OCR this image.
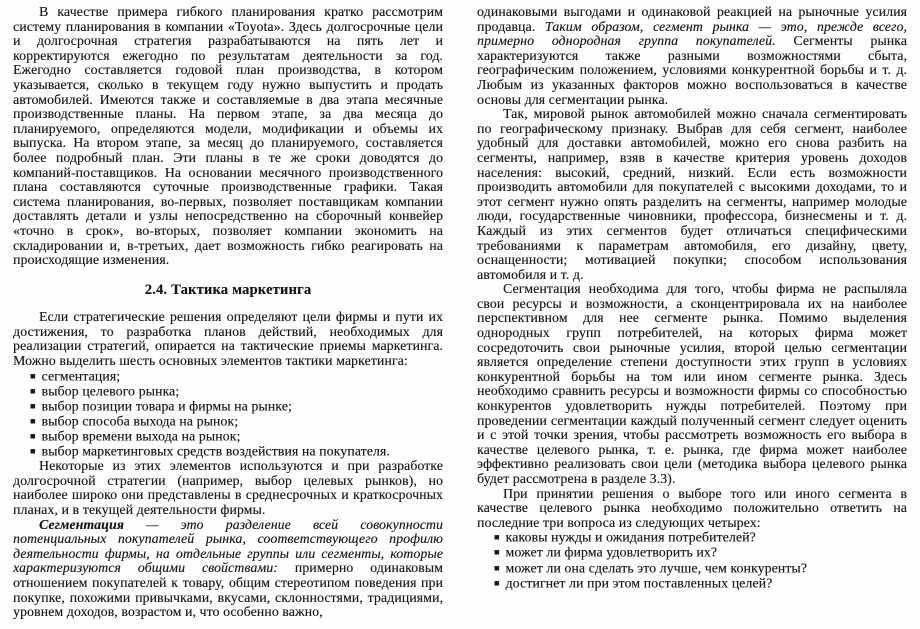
В качестве примера гибкого планирования кратко рассмотрим систему планирования в компании «Toyota». Здесь долгосрочные цели и долгосрочная стратегия разрабатываются на пять лет и корректируются ежегодно по результатам деятельности за год. Ежегодно составляется годовой план производства, в котором указывается, сколько в текущем году нужно выпустить и продать автомобилей. Имеются также и составляемые в два этапа месячные производственные планы. На первом этапе, за два месяца до планируемого, определяются модели, модификации и объемы их выпуска. На втором этапе, за месяц до планируемого, составляется более подробный план. Эти планы в те же сроки доводятся до компаний-поставщиков. На основании месячного производственного плана составляются суточные производственные графики. Такая система планирования, во-первых, позволяет поставщикам компании доставлять детали и узлы непосредственно на сборочный конвейер «точно в срок», во-вторых, позволяет компании экономить на складировании и, в-третьих, дает возможность гибко реагировать на происходящие изменения.

2.4. Тактика маркетинга

Если стратегические решения определяют цели фирмы и пути их достижения, то разработка планов действий, необходимых для реализации стратегий, опирается на тактические приемы маркетинга. Можно выделить шесть основных элементов тактики маркетинга:

■ сегментация;
■ выбор целевого рынка;
■ выбор позиции товара и фирмы на рынке;
■ выбор способа выхода на рынок;
■ выбор времени выхода на рынок;
■ выбор маркетинговых средств воздействия на покупателя.

Некоторые из этих элементов используются и при разработке долгосрочной стратегии (например, выбор целевых рынков), но наиболее широко они представлены в среднесрочных и краткосрочных планах, и в текущей деятельности фирмы.

Сегментация — это разделение всей совокупности потенциальных покупателей рынка, соответствующего профилю деятельности фирмы, на отдельные группы или сегменты, которые характеризуются общими свойствами: примерно одинаковым отношением покупателей к товару, общим стереотипом поведения при покупке, похожими привычками, вкусами, склонностями, традициями, уровнем доходов, возрастом и, что особенно важно,

одинаковыми выгодами и одинаковой реакцией на рыночные усилия продавца. Таким образом, сегмент рынка — это, прежде всего, примерно однородная группа покупателей. Сегменты рынка характеризуются также разными возможностями сбыта, географическим положением, условиями конкурентной борьбы и т. д. Любым из указанных факторов можно воспользоваться в качестве основы для сегментации рынка.

Так, мировой рынок автомобилей можно сначала сегментировать по географическому признаку. Выбрав для себя сегмент, наиболее удобный для доставки автомобилей, можно его снова разбить на сегменты, например, взяв в качестве критерия уровень доходов населения: высокий, средний, низкий. Если есть возможности производить автомобили для покупателей с высокими доходами, то и этот сегмент нужно опять разделить на сегменты, например молодые люди, государственные чиновники, профессора, бизнесмены и т. д. Каждый из этих сегментов будет отличаться специфическими требованиями к параметрам автомобиля, его дизайну, цвету, оснащенности; мотивацией покупки; способом использования автомобиля и т. д.

Сегментация необходима для того, чтобы фирма не распыляла свои ресурсы и возможности, а сконцентрировала их на наиболее перспективном для нее сегменте рынка. Помимо выделения однородных групп потребителей, на которых фирма может сосредоточить свои рыночные усилия, второй целью сегментации является определение степени доступности этих групп в условиях конкурентной борьбы на том или ином сегменте рынка. Здесь необходимо сравнить ресурсы и возможности фирмы со способностью конкурентов удовлетворить нужды потребителей. Поэтому при проведении сегментации каждый полученный сегмент следует оценить и с этой точки зрения, чтобы рассмотреть возможность его выбора в качестве целевого рынка, т. е. рынка, где фирма может наиболее эффективно реализовать свои цели (методика выбора целевого рынка будет рассмотрена в разделе 3.3).

При принятии решения о выборе того или иного сегмента в качестве целевого рынка необходимо положительно ответить на последние три вопроса из следующих четырех:

■ каковы нужды и ожидания потребителей?
■ может ли фирма удовлетворить их?
■ может ли она сделать это лучше, чем конкуренты?
■ достигнет ли при этом поставленных целей?
